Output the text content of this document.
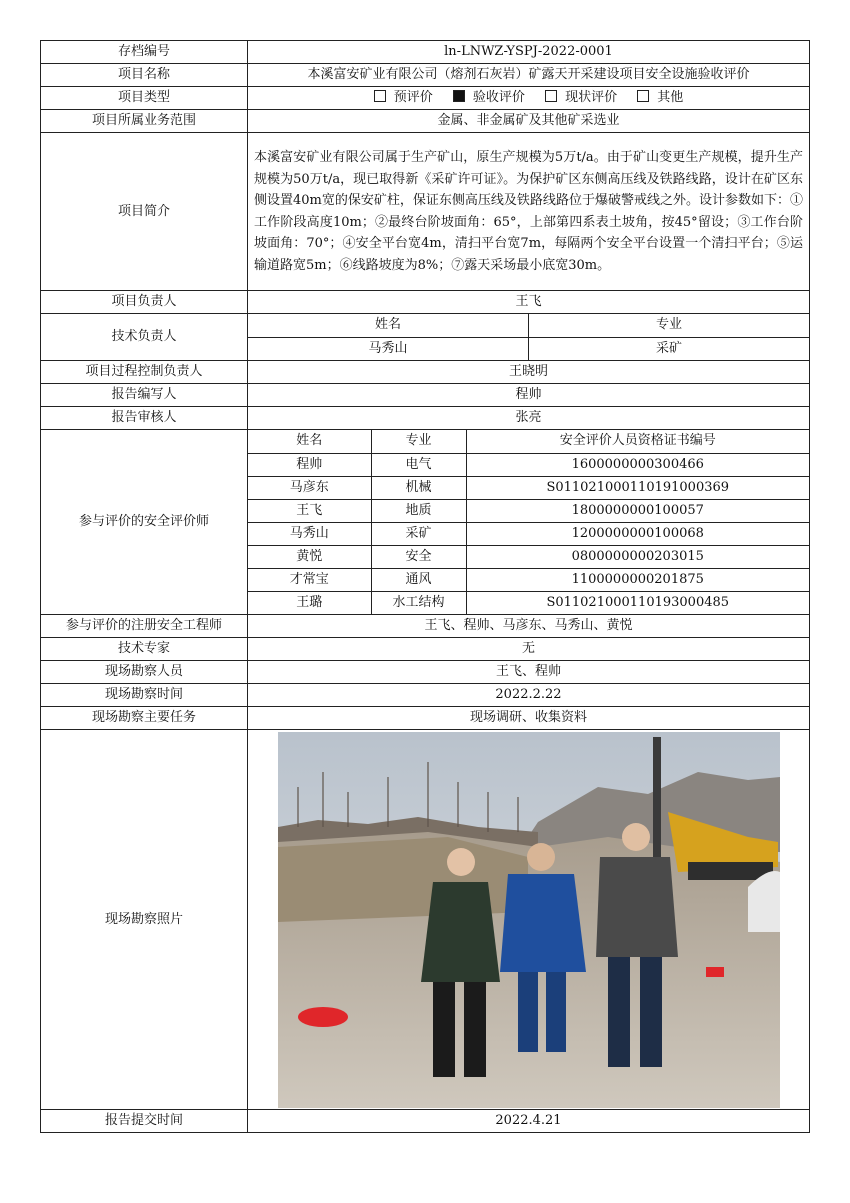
存档编号	ln-LNWZ-YSPJ-2022-0001
项目名称	本溪富安矿业有限公司（熔剂石灰岩）矿露天开采建设项目安全设施验收评价
项目类型	预评价	验收评价	现状评价	其他
项目所属业务范围	金属、非金属矿及其他矿采选业
项目简介	本溪富安矿业有限公司属于生产矿山，原生产规模为5万t/a。由于矿山变更生产规模，提升生产规模为50万t/a，现已取得新《采矿许可证》。为保护矿区东侧高压线及铁路线路，设计在矿区东侧设置40m宽的保安矿柱，保证东侧高压线及铁路线路位于爆破警戒线之外。设计参数如下：①工作阶段高度10m；②最终台阶坡面角：65°，上部第四系表土坡角，按45°留设；③工作台阶坡面角：70°；④安全平台宽4m，清扫平台宽7m，每隔两个安全平台设置一个清扫平台；⑤运输道路宽5m；⑥线路坡度为8%；⑦露天采场最小底宽30m。
项目负责人	王飞
技术负责人	
姓名	专业
马秀山	采矿

项目过程控制负责人	王晓明
报告编写人	程帅
报告审核人	张亮
参与评价的安全评价师	
姓名	专业	安全评价人员资格证书编号
程帅	电气	1600000000300466
马彦东	机械	S011021000110191000369
王飞	地质	1800000000100057
马秀山	采矿	1200000000100068
黄悦	安全	0800000000203015
才常宝	通风	1100000000201875
王璐	水工结构	S011021000110193000485

参与评价的注册安全工程师	王飞、程帅、马彦东、马秀山、黄悦
技术专家	无
现场勘察人员	王飞、程帅
现场勘察时间	2022.2.22
现场勘察主要任务	现场调研、收集资料
现场勘察照片	

报告提交时间	2022.4.21
